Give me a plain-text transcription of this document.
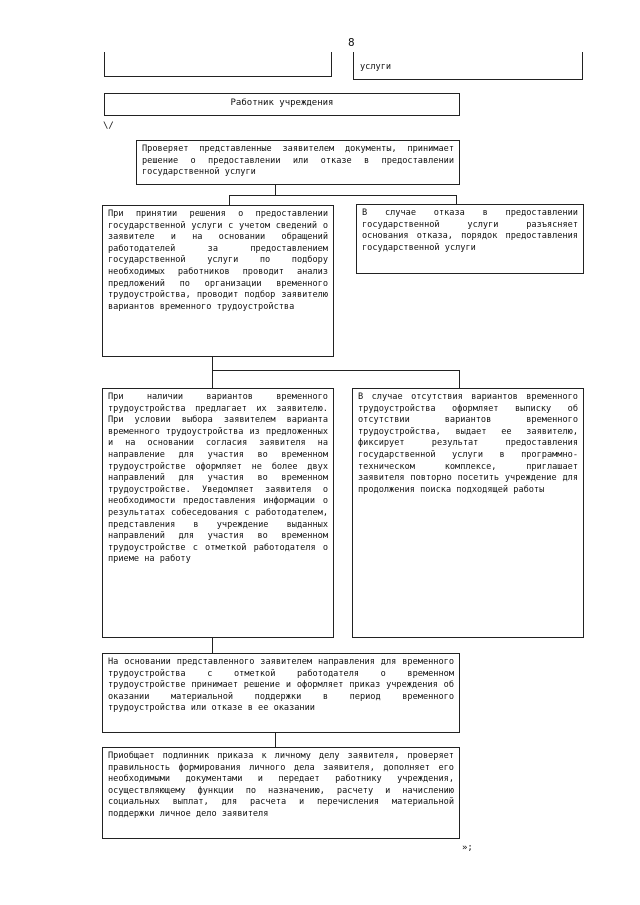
8
услуги
Работник учреждения
\/
Проверяет представленные заявителем документы, принимает решение о предоставлении или отказе в предоставлении государственной услуги
При принятии решения о предоставлении государственной услуги с учетом сведений о заявителе и на основании обращений работодателей за предоставлением государственной услуги по подбору необходимых работников проводит анализ предложений по организации временного трудоустройства, проводит подбор заявителю вариантов временного трудоустройства
В случае отказа в предоставлении государственной услуги разъясняет основания отказа, порядок предоставления государственной услуги
При наличии вариантов временного трудоустройства предлагает их заявителю. При условии выбора заявителем варианта временного трудоустройства из предложенных и на основании согласия заявителя на направление для участия во временном трудоустройстве оформляет не более двух направлений для участия во временном трудоустройстве. Уведомляет заявителя о необходимости предоставления информации о результатах собеседования с работодателем, представления в учреждение выданных направлений для участия во временном трудоустройстве с отметкой работодателя о приеме на работу
В случае отсутствия вариантов временного трудоустройства оформляет выписку об отсутствии вариантов временного трудоустройства, выдает ее заявителю, фиксирует результат предоставления государственной услуги в программно-техническом комплексе, приглашает заявителя повторно посетить учреждение для продолжения поиска подходящей работы
На основании представленного заявителем направления для временного трудоустройства с отметкой работодателя о временном трудоустройстве принимает решение и оформляет приказ учреждения об оказании материальной поддержки в период временного трудоустройства или отказе в ее оказании
Приобщает подлинник приказа к личному делу заявителя, проверяет правильность формирования личного дела заявителя, дополняет его необходимыми документами и передает работнику учреждения, осуществляющему функции по назначению, расчету и начислению социальных выплат, для расчета и перечисления материальной поддержки личное дело заявителя
»;
